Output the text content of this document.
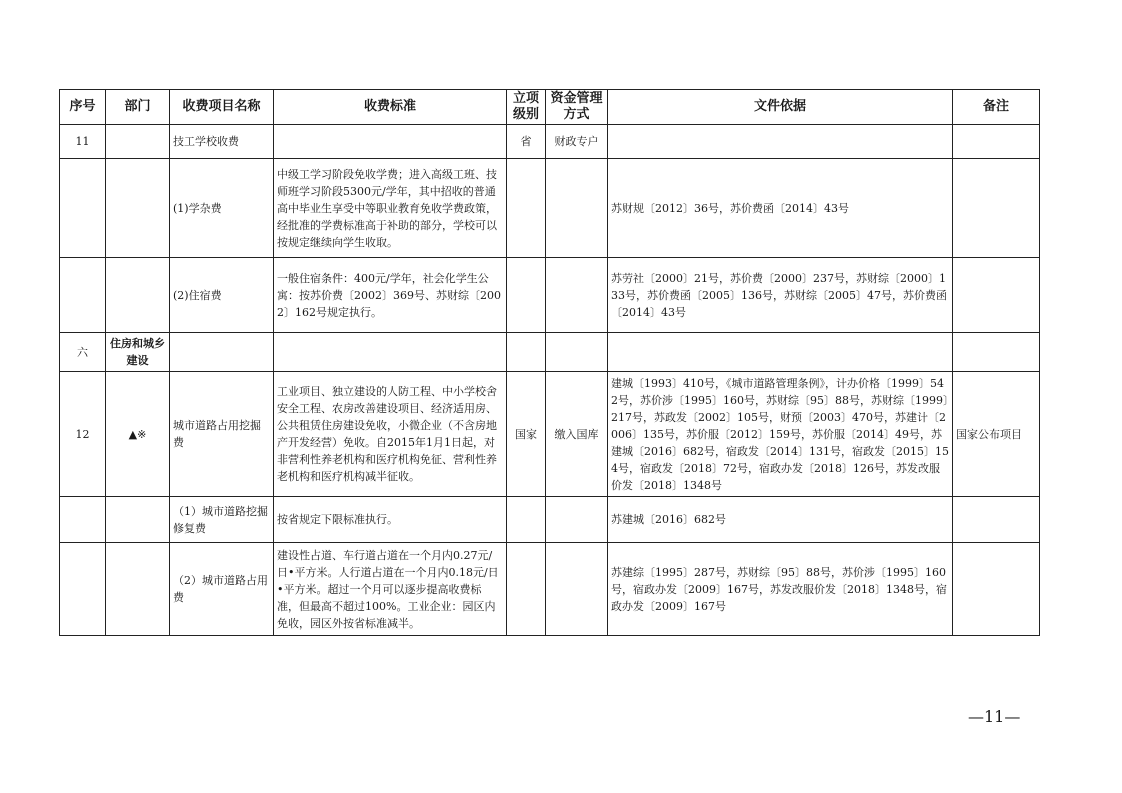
序号	部门	收费项目名称	收费标准	立项级别	资金管理方式	文件依据	备注
11		技工学校收费		省	财政专户		
		(1)学杂费	中级工学习阶段免收学费；进入高级工班、技师班学习阶段5300元/学年，其中招收的普通高中毕业生享受中等职业教育免收学费政策，经批准的学费标准高于补助的部分，学校可以按规定继续向学生收取。			苏财规〔2012〕36号，苏价费函〔2014〕43号	
		(2)住宿费	一般住宿条件：400元/学年，社会化学生公寓：按苏价费〔2002〕369号、苏财综〔2002〕162号规定执行。			苏劳社〔2000〕21号，苏价费〔2000〕237号，苏财综〔2000〕133号，苏价费函〔2005〕136号，苏财综〔2005〕47号，苏价费函〔2014〕43号	
六	住房和城乡建设						
12	▲※	城市道路占用挖掘费	工业项目、独立建设的人防工程、中小学校舍安全工程、农房改善建设项目、经济适用房、公共租赁住房建设免收，小微企业（不含房地产开发经营）免收。自2015年1月1日起，对非营利性养老机构和医疗机构免征、营利性养老机构和医疗机构减半征收。	国家	缴入国库	建城〔1993〕410号，《城市道路管理条例》，计办价格〔1999〕542号，苏价涉〔1995〕160号，苏财综〔95〕88号，苏财综〔1999〕217号，苏政发〔2002〕105号，财预〔2003〕470号，苏建计〔2006〕135号，苏价服〔2012〕159号，苏价服〔2014〕49号，苏建城〔2016〕682号，宿政发〔2014〕131号，宿政发〔2015〕154号，宿政发〔2018〕72号，宿政办发〔2018〕126号，苏发改服价发〔2018〕1348号	国家公布项目
		（1）城市道路挖掘修复费	按省规定下限标准执行。			苏建城〔2016〕682号	
		（2）城市道路占用费	建设性占道、车行道占道在一个月内0.27元/日•平方米。人行道占道在一个月内0.18元/日•平方米。超过一个月可以逐步提高收费标准，但最高不超过100%。工业企业：园区内免收，园区外按省标准减半。			苏建综〔1995〕287号，苏财综〔95〕88号，苏价涉〔1995〕160号，宿政办发〔2009〕167号，苏发改服价发〔2018〕1348号，宿政办发〔2009〕167号	
—11—
